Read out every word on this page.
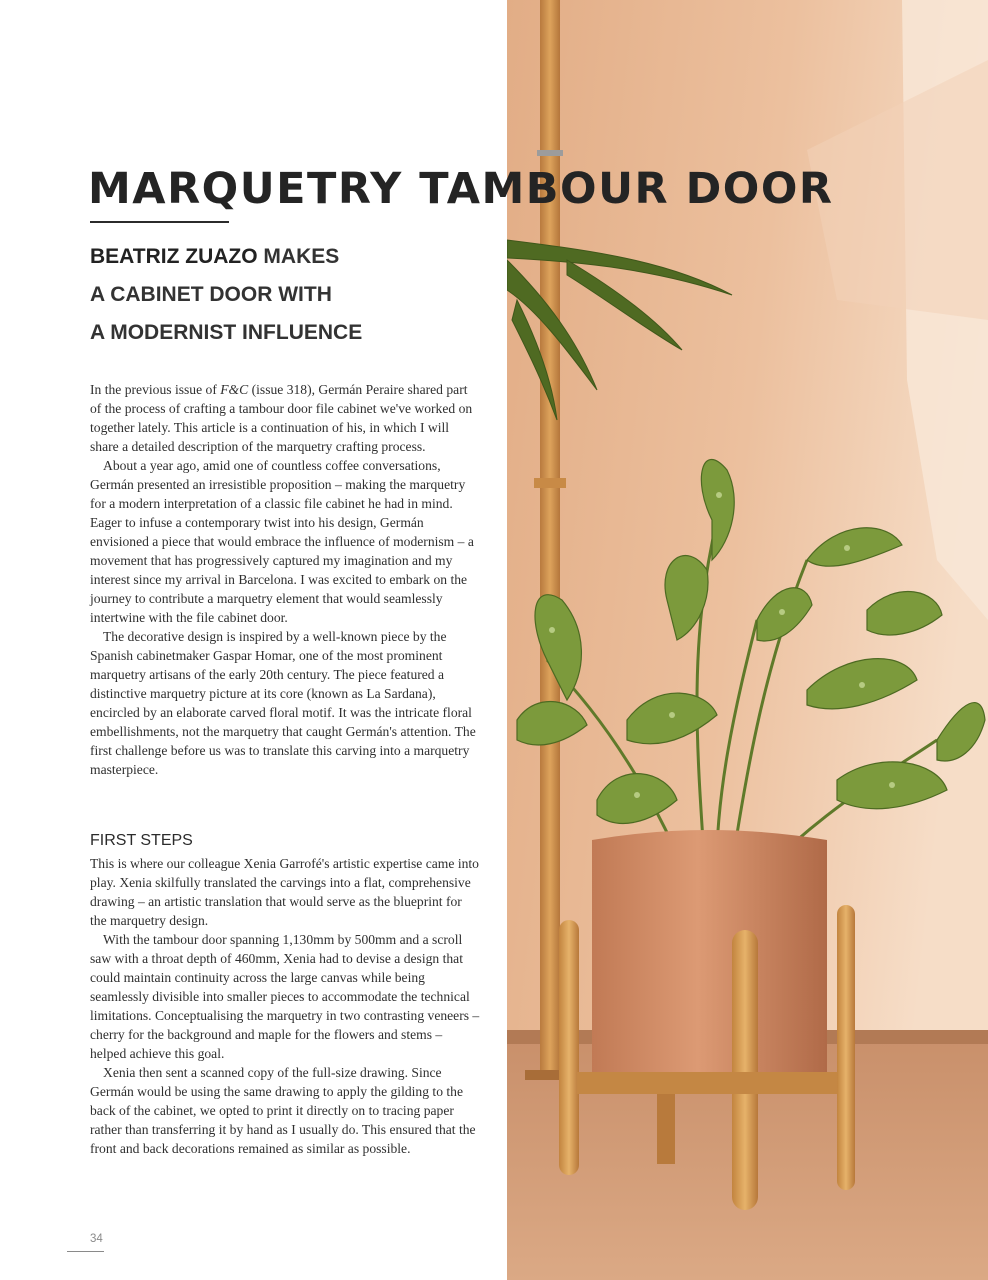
MARQUETRY TAMBOUR DOOR
BEATRIZ ZUAZO MAKES
A CABINET DOOR WITH
A MODERNIST INFLUENCE

In the previous issue of F&C (issue 318), Germán Peraire shared part of the process of crafting a tambour door file cabinet we've worked on together lately. This article is a continuation of his, in which I will share a detailed description of the marquetry crafting process.

About a year ago, amid one of countless coffee conversations, Germán presented an irresistible proposition – making the marquetry for a modern interpretation of a classic file cabinet he had in mind. Eager to infuse a contemporary twist into his design, Germán envisioned a piece that would embrace the influence of modernism – a movement that has progressively captured my imagination and my interest since my arrival in Barcelona. I was excited to embark on the journey to contribute a marquetry element that would seamlessly intertwine with the file cabinet door.

The decorative design is inspired by a well-known piece by the Spanish cabinetmaker Gaspar Homar, one of the most prominent marquetry artisans of the early 20th century. The piece featured a distinctive marquetry picture at its core (known as La Sardana), encircled by an elaborate carved floral motif. It was the intricate floral embellishments, not the marquetry that caught Germán's attention. The first challenge before us was to translate this carving into a marquetry masterpiece.

FIRST STEPS

This is where our colleague Xenia Garrofé's artistic expertise came into play. Xenia skilfully translated the carvings into a flat, comprehensive drawing – an artistic translation that would serve as the blueprint for the marquetry design.

With the tambour door spanning 1,130mm by 500mm and a scroll saw with a throat depth of 460mm, Xenia had to devise a design that could maintain continuity across the large canvas while being seamlessly divisible into smaller pieces to accommodate the technical limitations. Conceptualising the marquetry in two contrasting veneers – cherry for the background and maple for the flowers and stems – helped achieve this goal.

Xenia then sent a scanned copy of the full-size drawing. Since Germán would be using the same drawing to apply the gilding to the back of the cabinet, we opted to print it directly on to tracing paper rather than transferring it by hand as I usually do. This ensured that the front and back decorations remained as similar as possible.

34
